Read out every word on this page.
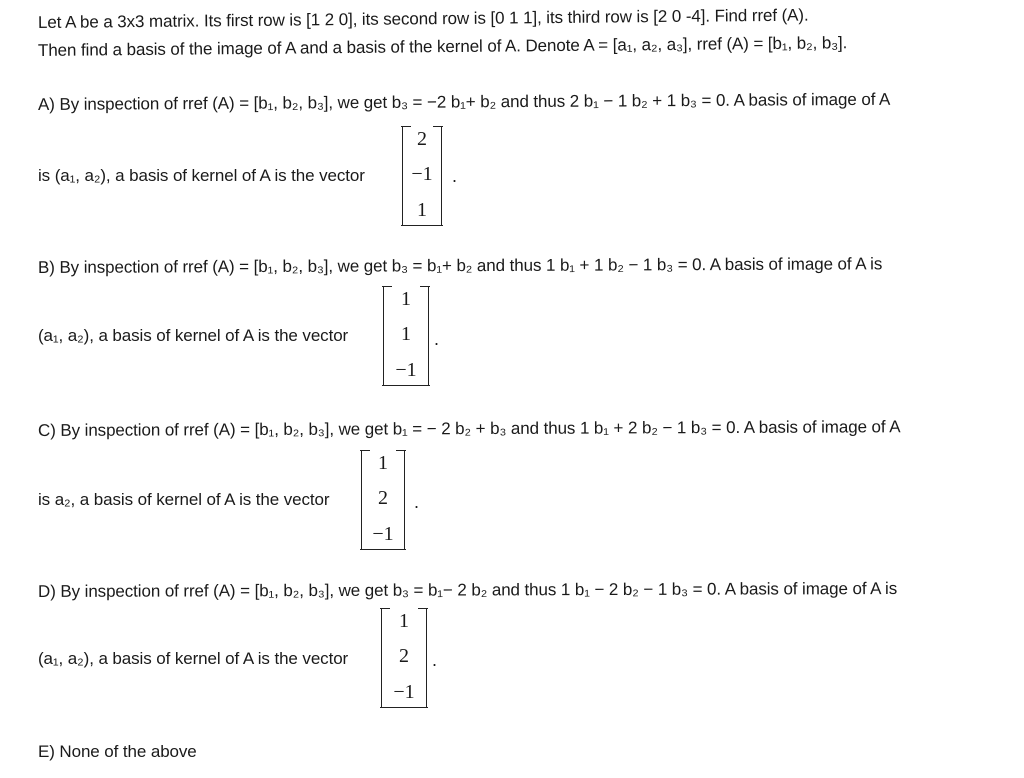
Let A be a 3x3 matrix. Its first row is [1 2 0], its second row is [0 1 1], its third row is [2 0 -4]. Find rref (A).
Then find a basis of the image of A and a basis of the kernel of A. Denote A = [a₁, a₂, a₃], rref (A) = [b₁, b₂, b₃].
A) By inspection of rref (A) = [b₁, b₂, b₃], we get b₃ = −2 b₁+ b₂ and thus 2 b₁ − 1 b₂ + 1 b₃ = 0. A basis of image of A
is (a₁, a₂), a basis of kernel of A is the vector
2
−1
1
.
B) By inspection of rref (A) = [b₁, b₂, b₃], we get b₃ = b₁+ b₂ and thus 1 b₁ + 1 b₂ − 1 b₃ = 0. A basis of image of A is
(a₁, a₂), a basis of kernel of A is the vector
1
1
−1
.
C) By inspection of rref (A) = [b₁, b₂, b₃], we get b₁ = − 2 b₂ + b₃ and thus 1 b₁ + 2 b₂ − 1 b₃ = 0. A basis of image of A
is a₂, a basis of kernel of A is the vector
1
2
−1
.
D) By inspection of rref (A) = [b₁, b₂, b₃], we get b₃ = b₁− 2 b₂ and thus 1 b₁ − 2 b₂ − 1 b₃ = 0. A basis of image of A is
(a₁, a₂), a basis of kernel of A is the vector
1
2
−1
.
E) None of the above
